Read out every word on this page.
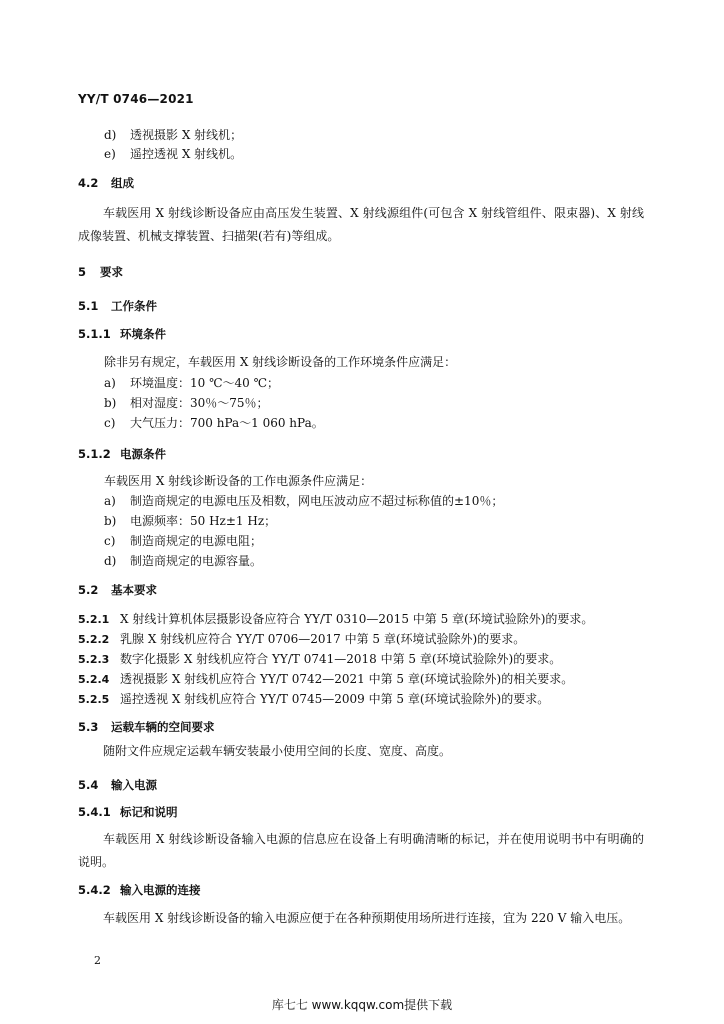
YY/T 0746—2021
d) 透视摄影 X 射线机；
e) 遥控透视 X 射线机。
4.2 组成
车载医用 X 射线诊断设备应由高压发生装置、X 射线源组件(可包含 X 射线管组件、限束器)、X 射线成像装置、机械支撑装置、扫描架(若有)等组成。
5 要求
5.1 工作条件
5.1.1 环境条件
除非另有规定，车载医用 X 射线诊断设备的工作环境条件应满足：
a) 环境温度：10 ℃～40 ℃；
b) 相对湿度：30％～75％；
c) 大气压力：700 hPa～1 060 hPa。
5.1.2 电源条件
车载医用 X 射线诊断设备的工作电源条件应满足：
a) 制造商规定的电源电压及相数，网电压波动应不超过标称值的±10％；
b) 电源频率：50 Hz±1 Hz；
c) 制造商规定的电源电阻；
d) 制造商规定的电源容量。
5.2 基本要求
5.2.1 X 射线计算机体层摄影设备应符合 YY/T 0310—2015 中第 5 章(环境试验除外)的要求。
5.2.2 乳腺 X 射线机应符合 YY/T 0706—2017 中第 5 章(环境试验除外)的要求。
5.2.3 数字化摄影 X 射线机应符合 YY/T 0741—2018 中第 5 章(环境试验除外)的要求。
5.2.4 透视摄影 X 射线机应符合 YY/T 0742—2021 中第 5 章(环境试验除外)的相关要求。
5.2.5 遥控透视 X 射线机应符合 YY/T 0745—2009 中第 5 章(环境试验除外)的要求。
5.3 运载车辆的空间要求
随附文件应规定运载车辆安装最小使用空间的长度、宽度、高度。
5.4 输入电源
5.4.1 标记和说明
车载医用 X 射线诊断设备输入电源的信息应在设备上有明确清晰的标记，并在使用说明书中有明确的说明。
5.4.2 输入电源的连接
车载医用 X 射线诊断设备的输入电源应便于在各种预期使用场所进行连接，宜为 220 V 输入电压。
2
库七七 www.kqqw.com提供下载
